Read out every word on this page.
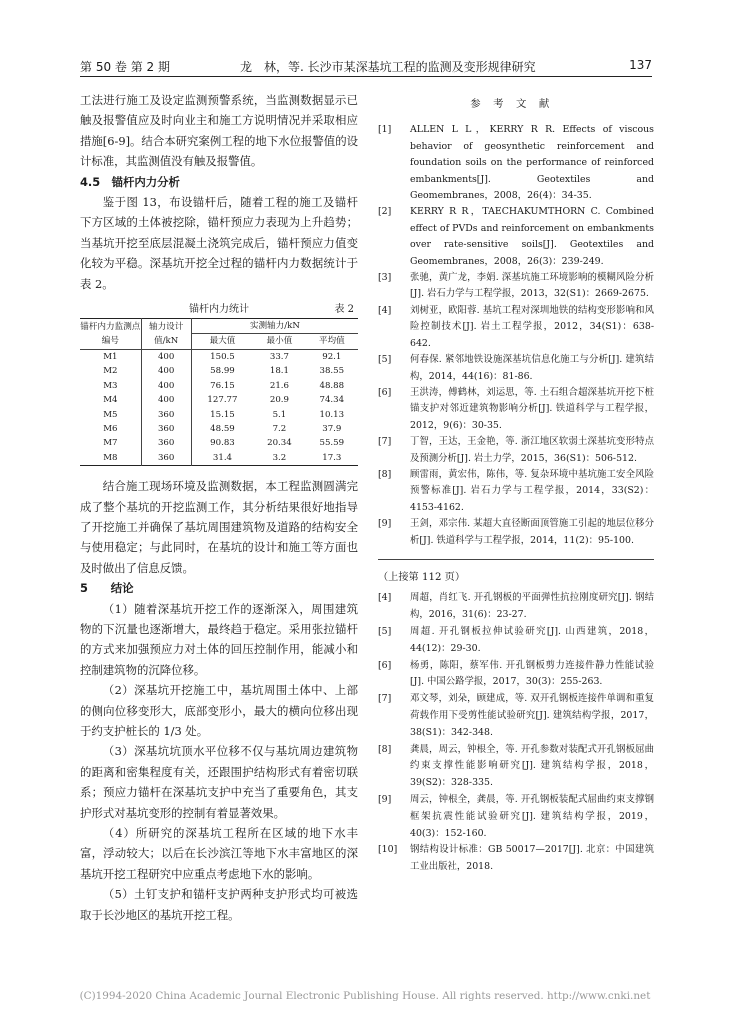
第 50 卷 第 2 期	龙　林，等. 长沙市某深基坑工程的监测及变形规律研究	137

工法进行施工及设定监测预警系统，当监测数据显示已触及报警值应及时向业主和施工方说明情况并采取相应措施[6-9]。结合本研究案例工程的地下水位报警值的设计标准，其监测值没有触及报警值。

4.5　锚杆内力分析

鉴于图 13，布设锚杆后，随着工程的施工及锚杆下方区域的土体被挖除，锚杆预应力表现为上升趋势；当基坑开挖至底层混凝土浇筑完成后，锚杆预应力值变化较为平稳。深基坑开挖全过程的锚杆内力数据统计于表 2。

锚杆内力统计	表 2
锚杆内力监测点编号	轴力设计值/kN	实测轴力/kN		
		最大值	最小值	平均值
M1	400	150.5	33.7	92.1
M2	400	58.99	18.1	38.55
M3	400	76.15	21.6	48.88
M4	400	127.77	20.9	74.34
M5	360	15.15	5.1	10.13
M6	360	48.59	7.2	37.9
M7	360	90.83	20.34	55.59
M8	360	31.4	3.2	17.3

结合施工现场环境及监测数据，本工程监测圆满完成了整个基坑的开挖监测工作，其分析结果很好地指导了开挖施工并确保了基坑周围建筑物及道路的结构安全与使用稳定；与此同时，在基坑的设计和施工等方面也及时做出了信息反馈。

5　　结论

（1）随着深基坑开挖工作的逐渐深入，周围建筑物的下沉量也逐渐增大，最终趋于稳定。采用张拉锚杆的方式来加强预应力对土体的回压控制作用，能减小和控制建筑物的沉降位移。

（2）深基坑开挖施工中，基坑周围土体中、上部的侧向位移变形大，底部变形小，最大的横向位移出现于约支护桩长的 1/3 处。

（3）深基坑坑顶水平位移不仅与基坑周边建筑物的距离和密集程度有关，还跟围护结构形式有着密切联系；预应力锚杆在深基坑支护中充当了重要角色，其支护形式对基坑变形的控制有着显著效果。

（4）所研究的深基坑工程所在区域的地下水丰富，浮动较大；以后在长沙滨江等地下水丰富地区的深基坑开挖工程研究中应重点考虑地下水的影响。

（5）土钉支护和锚杆支护两种支护形式均可被选取于长沙地区的基坑开挖工程。

参考文献
[1] ALLEN L L，KERRY R R. Effects of viscous behavior of geosynthetic reinforcement and foundation soils on the performance of reinforced embankments[J]. Geotextiles and Geomembranes，2008，26(4)：34-35.
[2] KERRY R R，TAECHAKUMTHORN C. Combined effect of PVDs and reinforcement on embankments over rate-sensitive soils[J]. Geotextiles and Geomembranes，2008，26(3)：239-249.
[3] 张驰，黄广龙，李娟. 深基坑施工环境影响的模糊风险分析[J]. 岩石力学与工程学报，2013，32(S1)：2669-2675.
[4] 刘树亚，欧阳蓉. 基坑工程对深圳地铁的结构变形影响和风险控制技术[J]. 岩土工程学报，2012，34(S1)：638-642.
[5] 何春保. 紧邻地铁设施深基坑信息化施工与分析[J]. 建筑结构，2014，44(16)：81-86.
[6] 王洪涛，傅鹤林，刘运思，等. 土石组合超深基坑开挖下桩锚支护对邻近建筑物影响分析[J]. 铁道科学与工程学报，2012，9(6)：30-35.
[7] 丁智，王达，王金艳，等. 浙江地区软弱土深基坑变形特点及预测分析[J]. 岩土力学，2015，36(S1)：506-512.
[8] 顾雷雨，黄宏伟，陈伟，等. 复杂环境中基坑施工安全风险预警标准[J]. 岩石力学与工程学报，2014，33(S2)：4153-4162.
[9] 王剑，邓宗伟. 某超大直径断面顶管施工引起的地层位移分析[J]. 铁道科学与工程学报，2014，11(2)：95-100.
（上接第 112 页）
[4] 周超，肖红飞. 开孔钢板的平面弹性抗拉刚度研究[J]. 钢结构，2016，31(6)：23-27.
[5] 周超. 开孔钢板拉伸试验研究[J]. 山西建筑，2018，44(12)：29-30.
[6] 杨勇，陈阳，蔡军伟. 开孔钢板剪力连接件静力性能试验[J]. 中国公路学报，2017，30(3)：255-263.
[7] 邓文琴，刘朵，顾建成，等. 双开孔钢板连接件单调和重复荷载作用下受剪性能试验研究[J]. 建筑结构学报，2017，38(S1)：342-348.
[8] 龚晨，周云，钟根全，等. 开孔参数对装配式开孔钢板屈曲约束支撑性能影响研究[J]. 建筑结构学报，2018，39(S2)：328-335.
[9] 周云，钟根全，龚晨，等. 开孔钢板装配式屈曲约束支撑钢框架抗震性能试验研究[J]. 建筑结构学报，2019，40(3)：152-160.
[10] 钢结构设计标准：GB 50017—2017[J]. 北京：中国建筑工业出版社，2018.
(C)1994-2020 China Academic Journal Electronic Publishing House. All rights reserved. http://www.cnki.net
